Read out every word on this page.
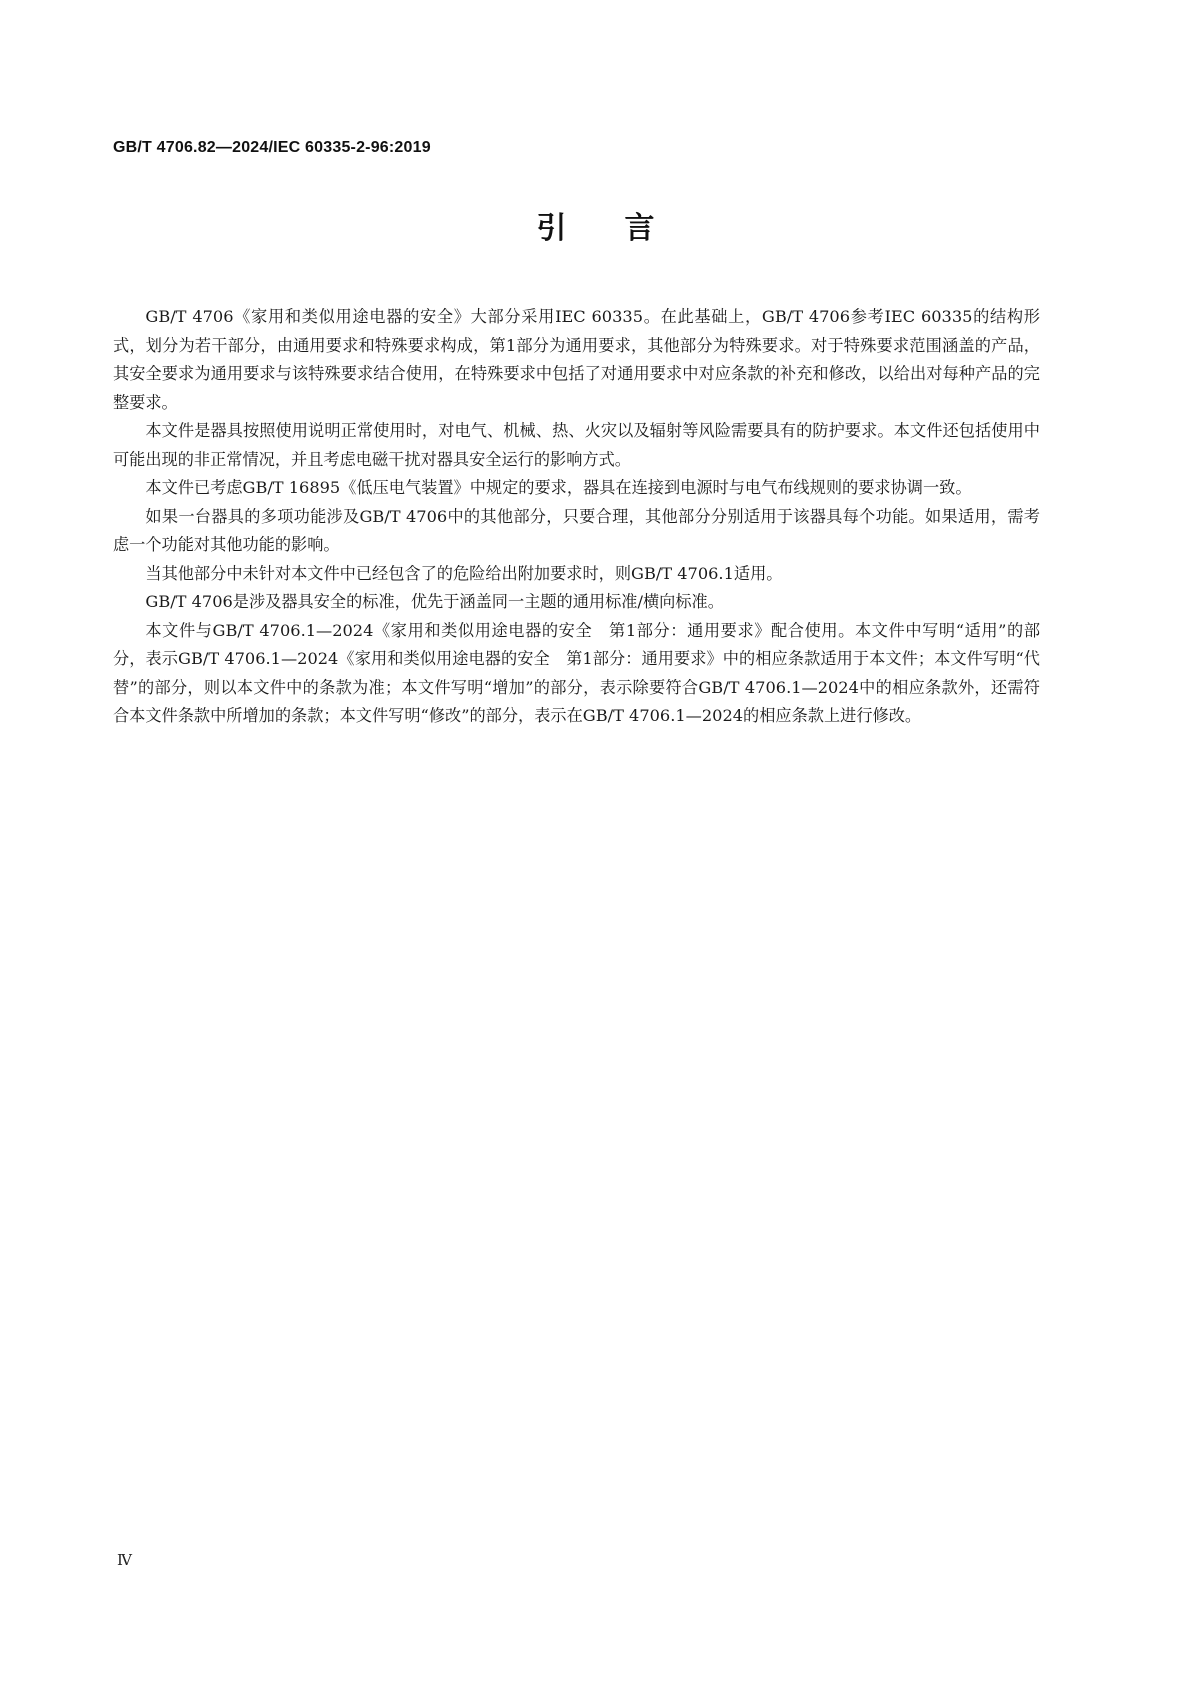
GB/T 4706.82—2024/IEC 60335-2-96:2019
引言

GB/T 4706《家用和类似用途电器的安全》大部分采用IEC 60335。在此基础上，GB/T 4706参考IEC 60335的结构形式，划分为若干部分，由通用要求和特殊要求构成，第1部分为通用要求，其他部分为特殊要求。对于特殊要求范围涵盖的产品，其安全要求为通用要求与该特殊要求结合使用，在特殊要求中包括了对通用要求中对应条款的补充和修改，以给出对每种产品的完整要求。

本文件是器具按照使用说明正常使用时，对电气、机械、热、火灾以及辐射等风险需要具有的防护要求。本文件还包括使用中可能出现的非正常情况，并且考虑电磁干扰对器具安全运行的影响方式。

本文件已考虑GB/T 16895《低压电气装置》中规定的要求，器具在连接到电源时与电气布线规则的要求协调一致。

如果一台器具的多项功能涉及GB/T 4706中的其他部分，只要合理，其他部分分别适用于该器具每个功能。如果适用，需考虑一个功能对其他功能的影响。

当其他部分中未针对本文件中已经包含了的危险给出附加要求时，则GB/T 4706.1适用。

GB/T 4706是涉及器具安全的标准，优先于涵盖同一主题的通用标准/横向标准。

本文件与GB/T 4706.1—2024《家用和类似用途电器的安全　第1部分：通用要求》配合使用。本文件中写明“适用”的部分，表示GB/T 4706.1—2024《家用和类似用途电器的安全　第1部分：通用要求》中的相应条款适用于本文件；本文件写明“代替”的部分，则以本文件中的条款为准；本文件写明“增加”的部分，表示除要符合GB/T 4706.1—2024中的相应条款外，还需符合本文件条款中所增加的条款；本文件写明“修改”的部分，表示在GB/T 4706.1—2024的相应条款上进行修改。

Ⅳ
